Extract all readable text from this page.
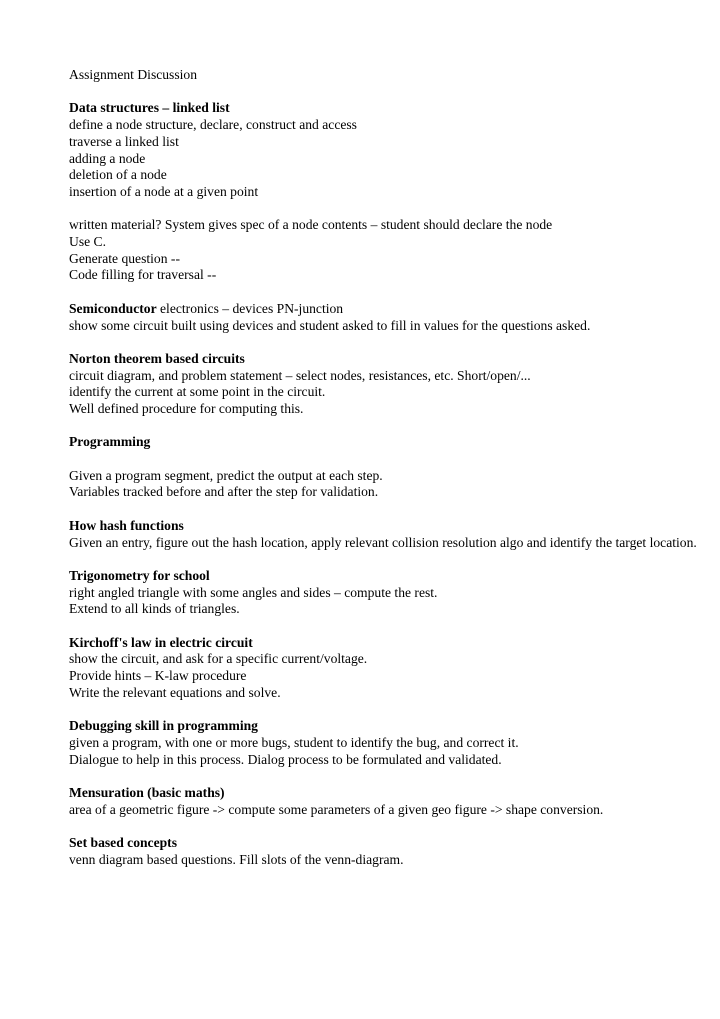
Assignment Discussion
Data structures – linked list
define a node structure, declare, construct and access
traverse a linked list
adding a node
deletion of a node
insertion of a node at a given point
written material? System gives spec of a node contents – student should declare the node
Use C.
Generate question --
Code filling for traversal --
Semiconductor electronics – devices PN-junction
show some circuit built using devices and student asked to fill in values for the questions asked.
Norton theorem based circuits
circuit diagram, and problem statement – select nodes, resistances, etc. Short/open/...
identify the current at some point in the circuit.
Well defined procedure for computing this.
Programming
Given a program segment, predict the output at each step.
Variables tracked before and after the step for validation.
How hash functions
Given an entry, figure out the hash location, apply relevant collision resolution algo and identify the target location.
Trigonometry for school
right angled triangle with some angles and sides – compute the rest.
Extend to all kinds of triangles.
Kirchoff's law in electric circuit
show the circuit, and ask for a specific current/voltage.
Provide hints – K-law procedure
Write the relevant equations and solve.
Debugging skill in programming
given a program, with one or more bugs, student to identify the bug, and correct it.
Dialogue to help in this process. Dialog process to be formulated and validated.
Mensuration (basic maths)
area of a geometric figure -> compute some parameters of a given geo figure -> shape conversion.
Set based concepts
venn diagram based questions. Fill slots of the venn-diagram.
